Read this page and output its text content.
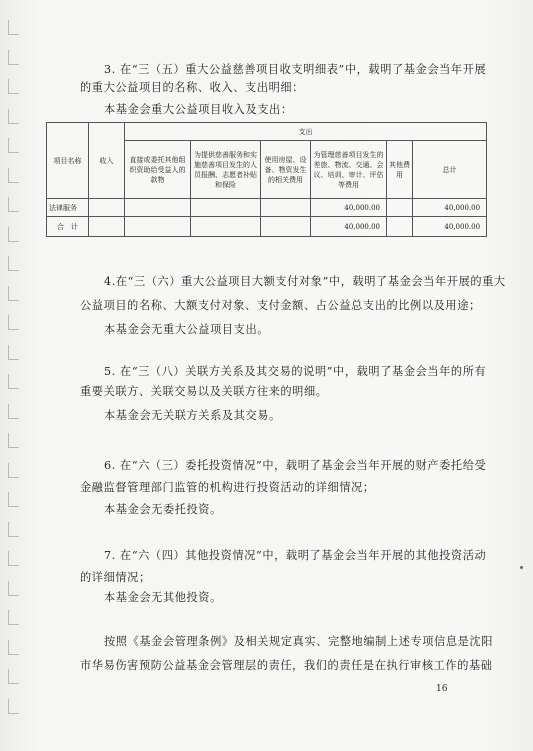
3. 在“三（五）重大公益慈善项目收支明细表”中，载明了基金会当年开展
的重大公益项目的名称、收入、支出明细：
本基金会重大公益项目收入及支出：
项目名称	收入	支出					
		直接或委托其他组织资助给受益人的款物	为提供慈善服务和实施慈善项目发生的人员报酬、志愿者补贴和保险	使用房屋、设备、物资发生的相关费用	为管理慈善项目发生的差旅、物流、交通、会议、培训、审计、评估等费用	其他费用	总计
法律服务					40,000.00		40,000.00
合　计					40,000.00		40,000.00
4.在“三（六）重大公益项目大额支付对象”中，载明了基金会当年开展的重大
公益项目的名称、大额支付对象、支付金额、占公益总支出的比例以及用途；
本基金会无重大公益项目支出。
5. 在“三（八）关联方关系及其交易的说明”中，载明了基金会当年的所有
重要关联方、关联交易以及关联方往来的明细。
本基金会无关联方关系及其交易。
6. 在“六（三）委托投资情况”中，载明了基金会当年开展的财产委托给受
金融监督管理部门监管的机构进行投资活动的详细情况；
本基金会无委托投资。
7. 在“六（四）其他投资情况”中，载明了基金会当年开展的其他投资活动
的详细情况；
本基金会无其他投资。
按照《基金会管理条例》及相关规定真实、完整地编制上述专项信息是沈阳
市华易伤害预防公益基金会管理层的责任，我们的责任是在执行审核工作的基础
16
